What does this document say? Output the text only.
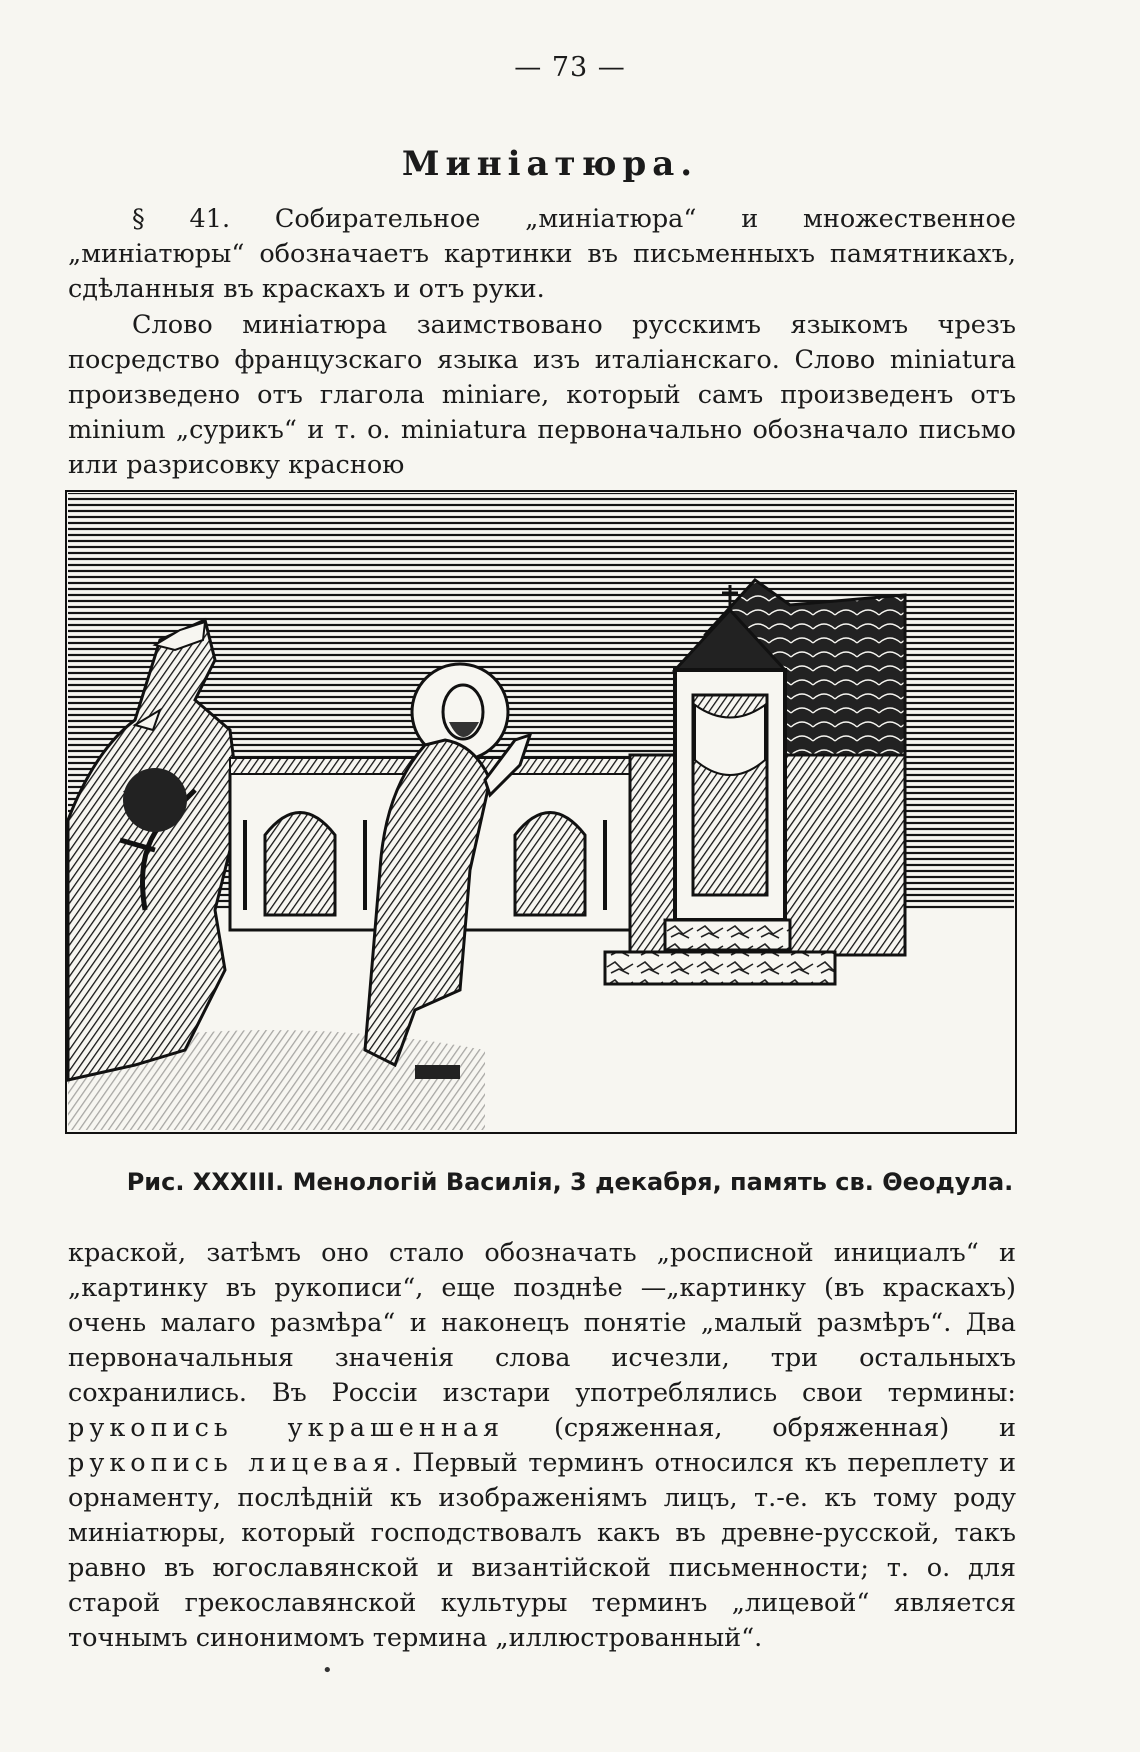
— 73 —
Миніатюра.

§ 41. Собирательное „миніатюра“ и множественное „миніатюры“ обозначаетъ картинки въ письменныхъ памятникахъ, сдѣланныя въ краскахъ и отъ руки.

Слово миніатюра заимствовано русскимъ языкомъ чрезъ посредство французскаго языка изъ италіанскаго. Слово miniatura произведено отъ глагола miniare, который самъ произведенъ отъ minium „сурикъ“ и т. о. miniatura первоначально обозначало письмо или разрисовку красною

Рис. XXXIII. Менологій Василія, 3 декабря, память св. Θеодула.

краской, затѣмъ оно стало обозначать „росписной инициалъ“ и „картинку въ рукописи“, еще позднѣе —„картинку (въ краскахъ) очень малаго размѣра“ и наконецъ понятіе „малый размѣръ“. Два первоначальныя значенія слова исчезли, три остальныхъ сохранились. Въ Россіи изстари употреблялись свои термины: рукопись украшенная (сряженная, обряженная) и рукопись лицевая. Первый терминъ относился къ переплету и орнаменту, послѣдній къ изображеніямъ лицъ, т.-е. къ тому роду миніатюры, который господствовалъ какъ въ древне-русской, такъ равно въ югославянской и византійской письменности; т. о. для старой грекославянской культуры терминъ „лицевой“ является точнымъ синонимомъ термина „иллюстрованный“.

•
